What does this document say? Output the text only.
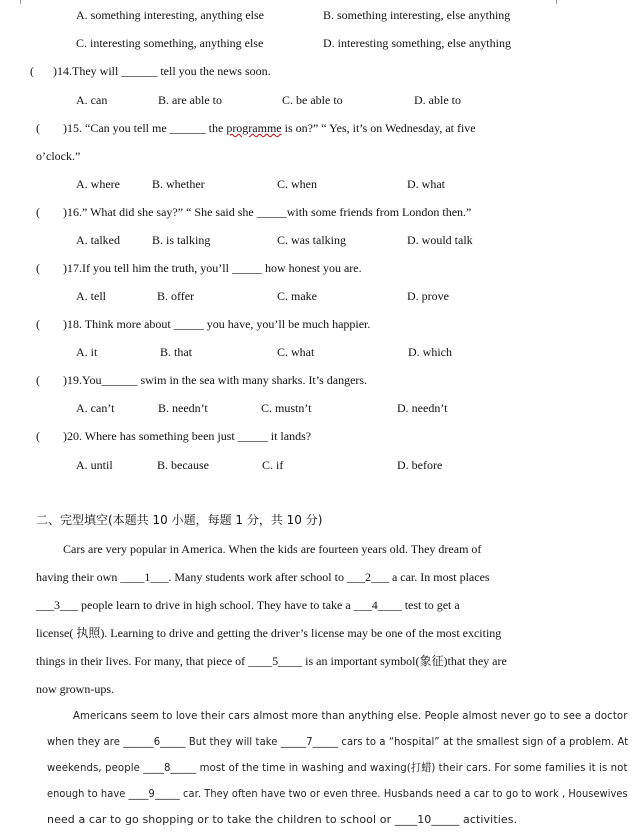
A. something interesting, anything else	B. something interesting, else anything
C. interesting something, anything else	D. interesting something, else anything
( )14.They will ______ tell you the news soon.
A. can	B. are able to	C. be able to	D. able to
( )15. “Can you tell me ______ the programme is on?” “ Yes, it’s on Wednesday, at five
o’clock.”
A. where	B. whether	C. when	D. what
( )16.” What did she say?” “ She said she _____with some friends from London then.”
A. talked	B. is talking	C. was talking	D. would talk
( )17.If you tell him the truth, you’ll _____ how honest you are.
A. tell	B. offer	C. make	D. prove
( )18. Think more about _____ you have, you’ll be much happier.
A. it	B. that	C. what	D. which
( )19.You______ swim in the sea with many sharks. It’s dangers.
A. can’t	B. needn’t	C. mustn’t	D. needn’t
( )20. Where has something been just _____ it lands?
A. until	B. because	C. if	D. before
二、完型填空(本题共 10 小题，每题 1 分，共 10 分)
Cars are very popular in America. When the kids are fourteen years old. They dream of
having their own ____1___. Many students work after school to ___2___ a car. In most places
___3___ people learn to drive in high school. They have to take a ___4____ test to get a
license( 执照). Learning to drive and getting the driver’s license may be one of the most exciting
things in their lives. For many, that piece of ____5____ is an important symbol(象征)that they are
now grown-ups.
Americans seem to love their cars almost more than anything else. People almost never go to see a doctor
when they are ______6_____ But they will take _____7_____ cars to a “hospital” at the smallest sign of a problem. At
weekends, people ____8_____ most of the time in washing and waxing(打蜡) their cars. For some families it is not
enough to have ____9_____ car. They often have two or even three. Husbands need a car to go to work , Housewives
need a car to go shopping or to take the children to school or ____10_____ activities.
